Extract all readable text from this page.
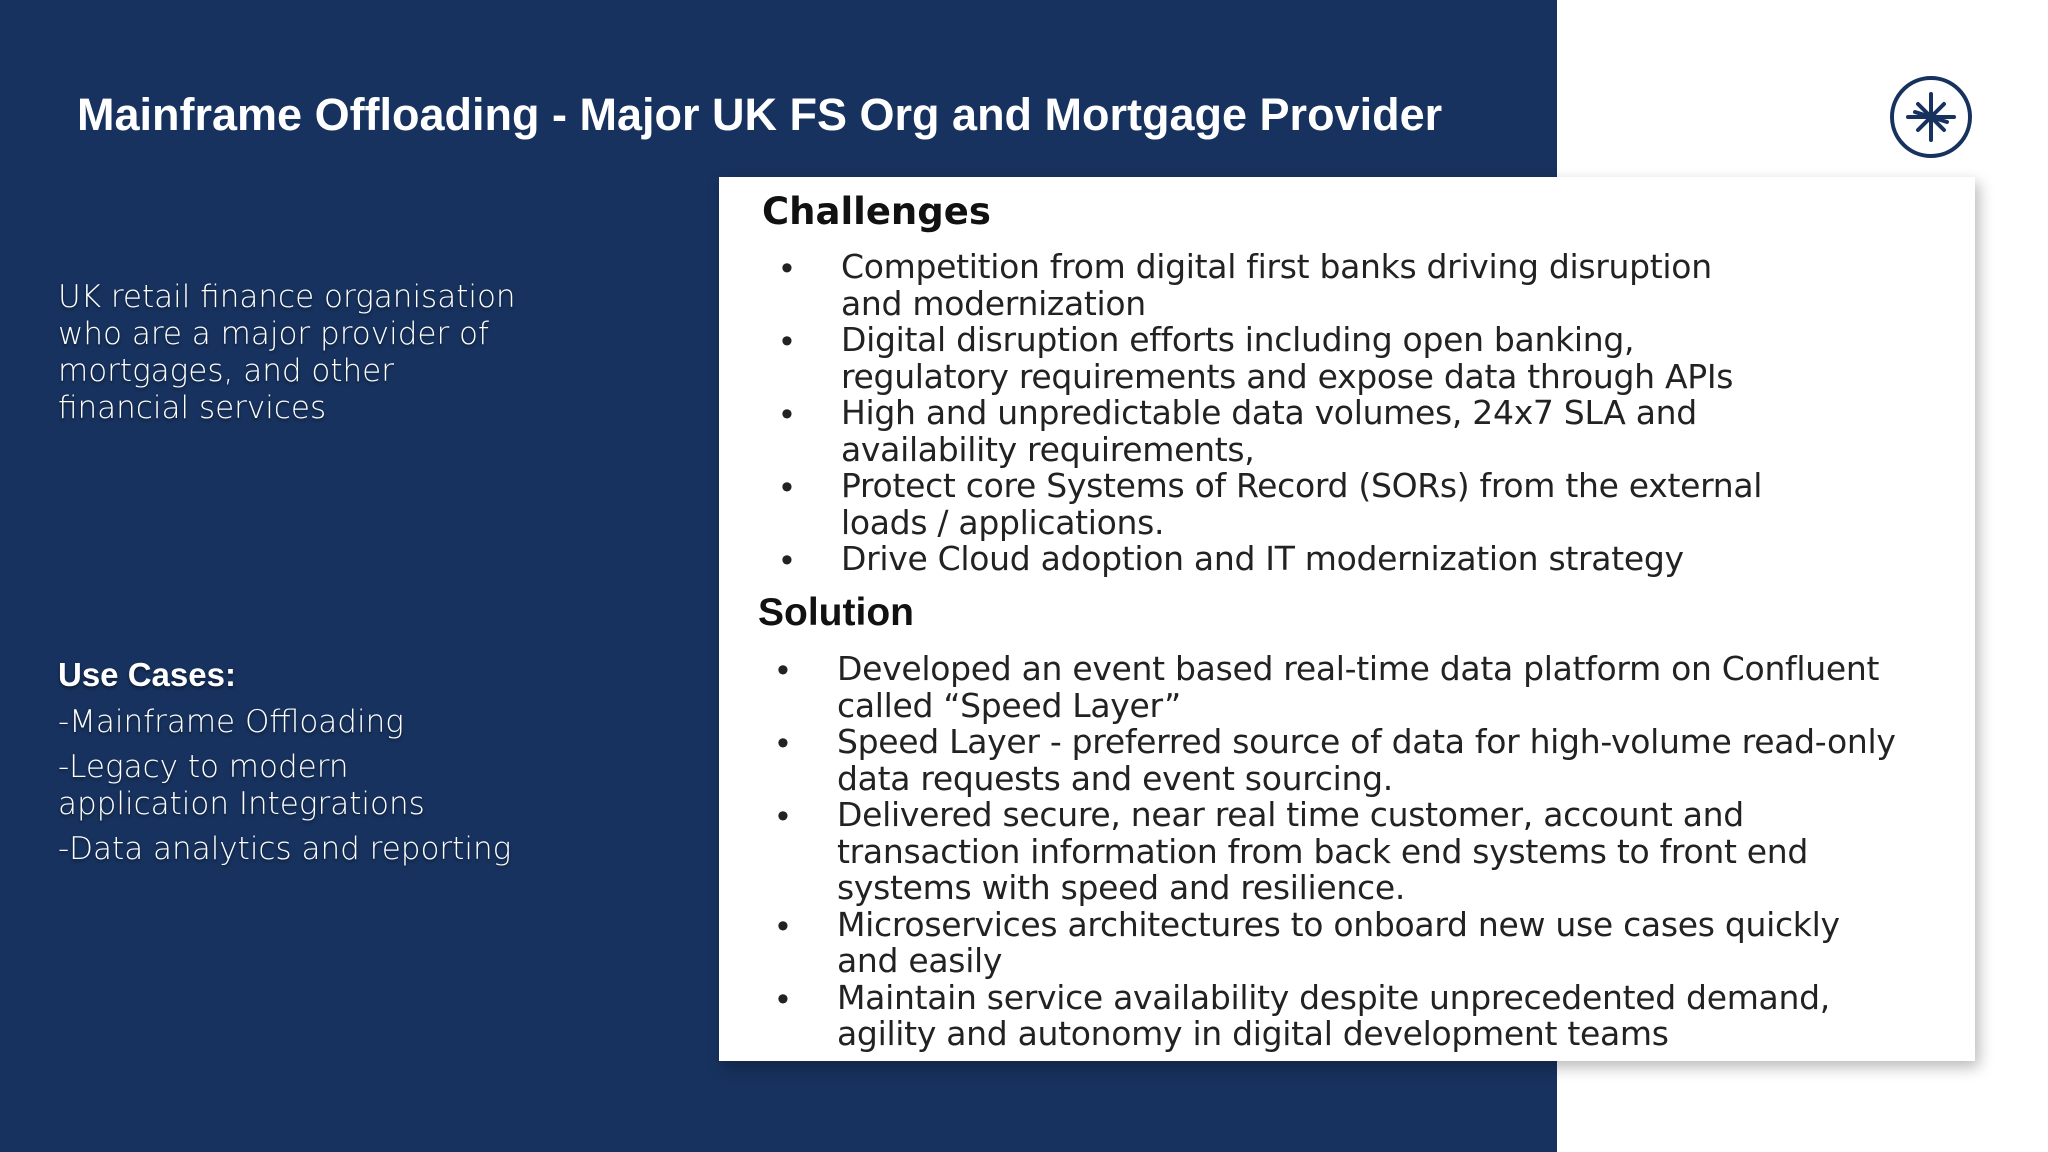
Mainframe Offloading - Major UK FS Org and Mortgage Provider
UK retail finance organisation
who are a major provider of
mortgages, and other
financial services
Use Cases:
-Mainframe Offloading
-Legacy to modern
application Integrations
-Data analytics and reporting
Challenges
• Competition from digital first banks driving disruption
and modernization
• Digital disruption efforts including open banking,
regulatory requirements and expose data through APIs
• High and unpredictable data volumes, 24x7 SLA and
availability requirements,
• Protect core Systems of Record (SORs) from the external
loads / applications.
• Drive Cloud adoption and IT modernization strategy
Solution
• Developed an event based real-time data platform on Confluent
called “Speed Layer”
• Speed Layer - preferred source of data for high-volume read-only
data requests and event sourcing.
• Delivered secure, near real time customer, account and
transaction information from back end systems to front end
systems with speed and resilience.
• Microservices architectures to onboard new use cases quickly
and easily
• Maintain service availability despite unprecedented demand,
agility and autonomy in digital development teams
